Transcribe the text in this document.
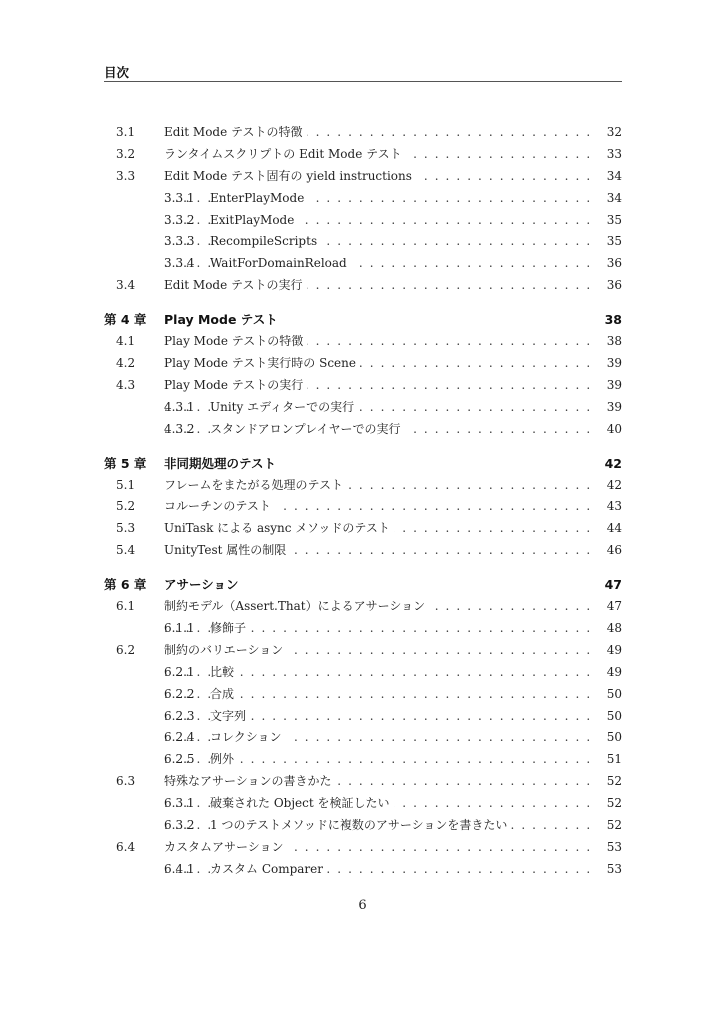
目次
3.1 Edit Mode テストの特徴 . . .	32
3.2 ランタイムスクリプトの Edit Mode テスト . . .	33
3.3 Edit Mode テスト固有の yield instructions . . .	34
3.3.1 EnterPlayMode . . .	34
3.3.2 ExitPlayMode . . .	35
3.3.3 RecompileScripts . . .	35
3.3.4 WaitForDomainReload . . .	36
3.4 Edit Mode テストの実行 . . .	36
第 4 章 Play Mode テスト	38
4.1 Play Mode テストの特徴 . . .	38
4.2 Play Mode テスト実行時の Scene . . .	39
4.3 Play Mode テストの実行 . . .	39
4.3.1 Unity エディターでの実行 . . .	39
4.3.2 スタンドアロンプレイヤーでの実行 . . .	40
第 5 章 非同期処理のテスト	42
5.1 フレームをまたがる処理のテスト . . .	42
5.2 コルーチンのテスト . . .	43
5.3 UniTask による async メソッドのテスト . . .	44
5.4 UnityTest 属性の制限 . . .	46
第 6 章 アサーション	47
6.1 制約モデル（Assert.That）によるアサーション . . .	47
6.1.1 修飾子 . . .	48
6.2 制約のバリエーション . . .	49
6.2.1 比較 . . .	49
6.2.2 合成 . . .	50
6.2.3 文字列 . . .	50
6.2.4 コレクション . . .	50
6.2.5 例外 . . .	51
6.3 特殊なアサーションの書きかた . . .	52
6.3.1 破棄された Object を検証したい . . .	52
6.3.2 1 つのテストメソッドに複数のアサーションを書きたい . . .	52
6.4 カスタムアサーション . . .	53
6.4.1 カスタム Comparer . . .	53
6
